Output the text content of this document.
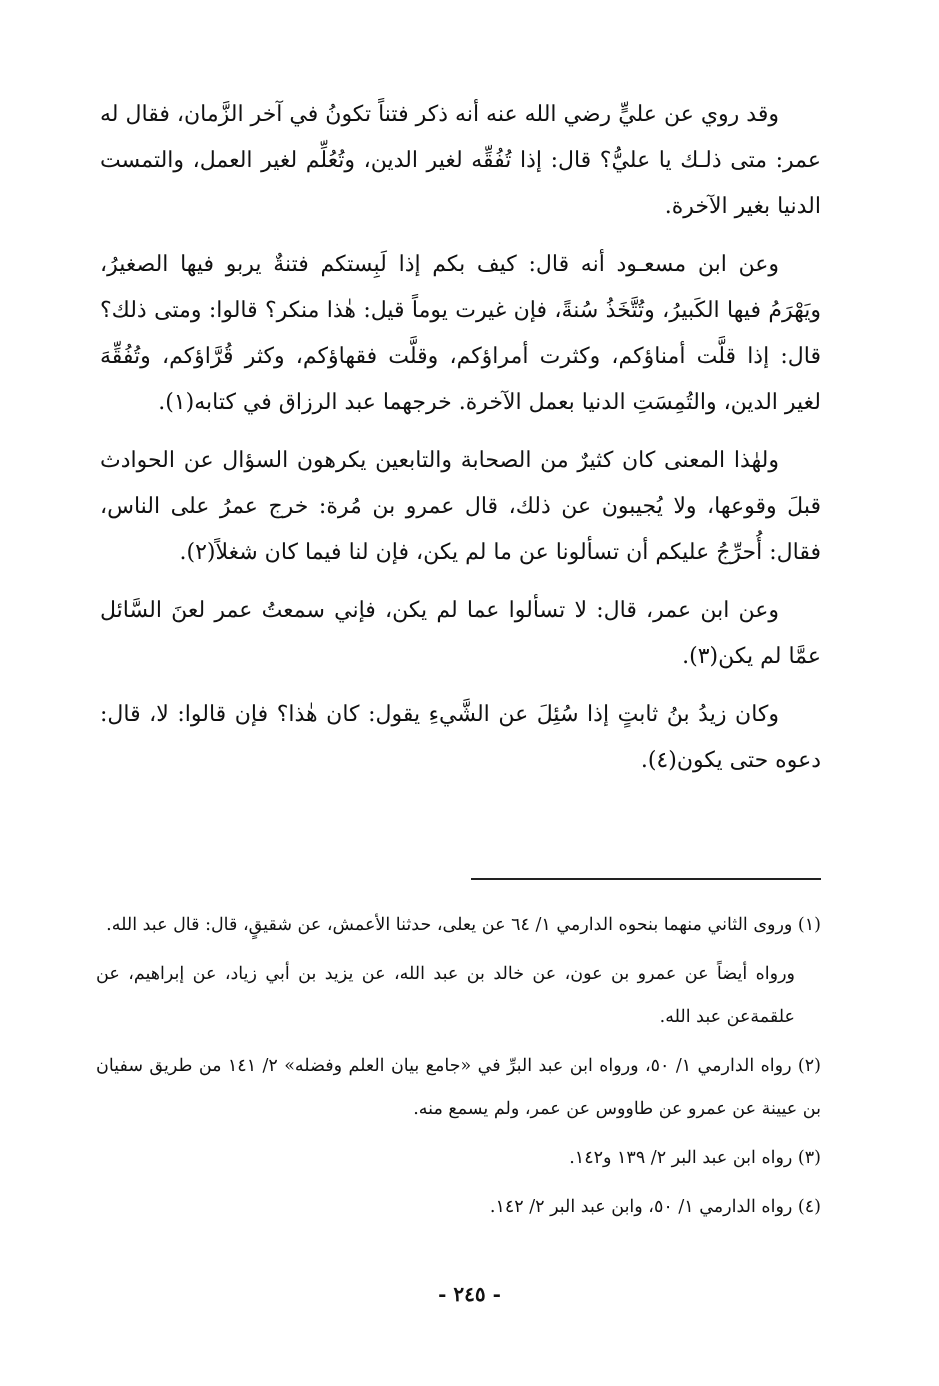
وقد روي عن عليٍّ رضي الله عنه أنه ذكر فتناً تكونُ في آخر الزَّمان، فقال له عمر: متى ذلـك يا عليُّ؟ قال: إذا تُفُقِّه لغير الدين، وتُعُلِّم لغير العمل، والتمست الدنيا بغير الآخرة.

وعن ابن مسعـود أنه قال: كيف بكم إذا لَبِستكم فتنةٌ يربو فيها الصغيرُ، ويَهْرَمُ فيها الكَبيرُ، وتُتَّخَذُ سُنةً، فإن غيرت يوماً قيل: هٰذا منكر؟ قالوا: ومتى ذلك؟ قال: إذا قلَّت أمناؤكم، وكثرت أمراؤكم، وقلَّت فقهاؤكم، وكثر قُرَّاؤكم، وتُفُقِّهَ لغير الدين، والتُمِسَتِ الدنيا بعمل الآخرة. خرجهما عبد الرزاق في كتابه(١).

ولهٰذا المعنى كان كثيرٌ من الصحابة والتابعين يكرهون السؤال عن الحوادث قبلَ وقوعها، ولا يُجيبون عن ذلك، قال عمرو بن مُرة: خرج عمرُ على الناس، فقال: أُحرِّجُ عليكم أن تسألونا عن ما لم يكن، فإن لنا فيما كان شغلاً(٢).

وعن ابن عمر، قال: لا تسألوا عما لم يكن، فإني سمعتُ عمر لعنَ السَّائل عمَّا لم يكن(٣).

وكان زيدُ بنُ ثابتٍ إذا سُئِلَ عن الشَّيءِ يقول: كان هٰذا؟ فإن قالوا: لا، قال: دعوه حتى يكون(٤).

(١) وروى الثاني منهما بنحوه الدارمي ١/ ٦٤ عن يعلى، حدثنا الأعمش، عن شقيقٍ، قال: قال عبد الله.

ورواه أيضاً عن عمرو بن عون، عن خالد بن عبد الله، عن يزيد بن أبي زياد، عن إبراهيم، عن علقمةعن عبد الله.

(٢) رواه الدارمي ١/ ٥٠، ورواه ابن عبد البرِّ في «جامع بيان العلم وفضله» ٢/ ١٤١ من طريق سفيان بن عيينة عن عمرو عن طاووس عن عمر، ولم يسمع منه.

(٣) رواه ابن عبد البر ٢/ ١٣٩ و١٤٢.

(٤) رواه الدارمي ١/ ٥٠، وابن عبد البر ٢/ ١٤٢.

- ٢٤٥ -
